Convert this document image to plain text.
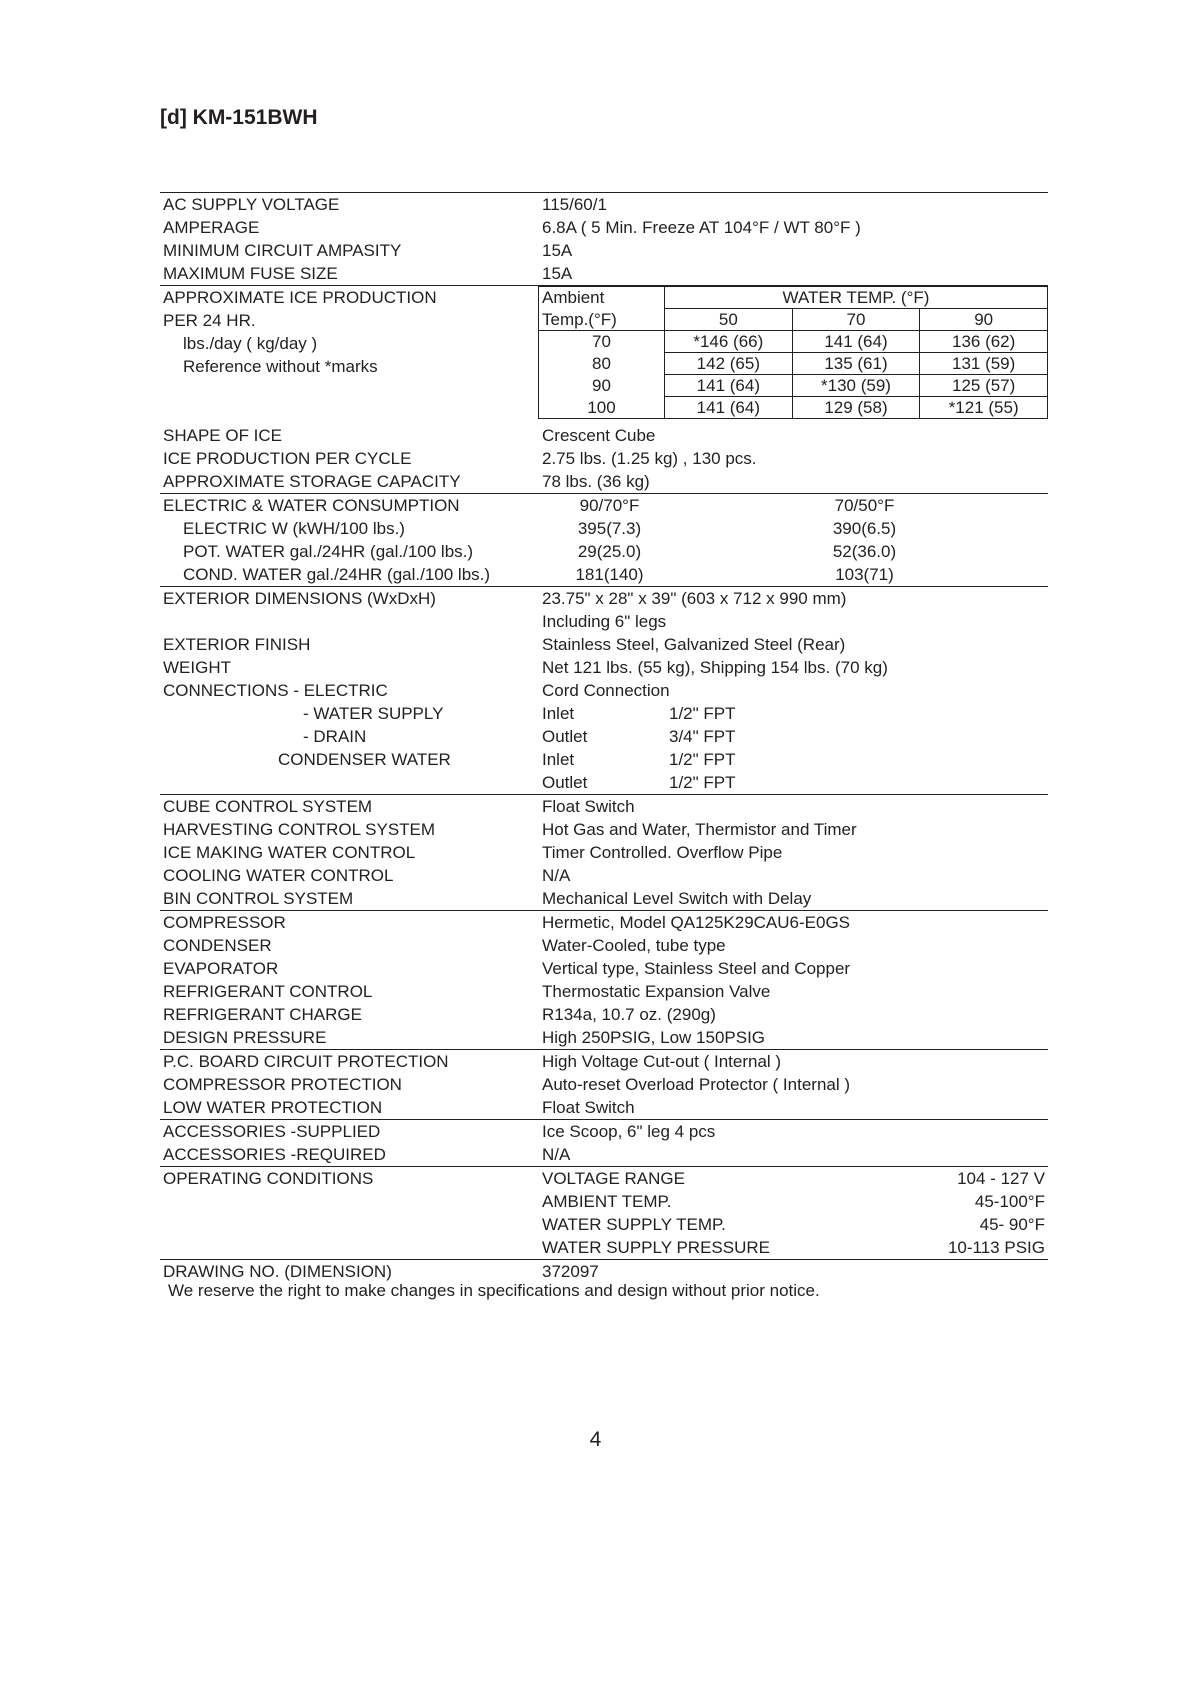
[d] KM-151BWH
AC SUPPLY VOLTAGE	115/60/1
AMPERAGE	6.8A ( 5 Min. Freeze AT 104°F / WT 80°F )
MINIMUM CIRCUIT AMPASITY	15A
MAXIMUM FUSE SIZE	15A
APPROXIMATE ICE PRODUCTION
PER 24 HR.
lbs./day ( kg/day )
Reference without *marks
Ambient	WATER TEMP. (°F)		
Temp.(°F)	50	70	90
70	*146 (66)	141 (64)	136 (62)
80	142 (65)	135 (61)	131 (59)
90	141 (64)	*130 (59)	125 (57)
100	141 (64)	129 (58)	*121 (55)
SHAPE OF ICE	Crescent Cube
ICE PRODUCTION PER CYCLE	2.75 lbs. (1.25 kg) , 130 pcs.
APPROXIMATE STORAGE CAPACITY	78 lbs. (36 kg)
ELECTRIC & WATER CONSUMPTION	90/70°F	70/50°F
ELECTRIC W (kWH/100 lbs.)	395(7.3)	390(6.5)
POT. WATER gal./24HR (gal./100 lbs.)	29(25.0)	52(36.0)
COND. WATER gal./24HR (gal./100 lbs.)	181(140)	103(71)
EXTERIOR DIMENSIONS (WxDxH)	23.75" x 28" x 39" (603 x 712 x 990 mm)
Including 6" legs
EXTERIOR FINISH	Stainless Steel, Galvanized Steel (Rear)
WEIGHT	Net 121 lbs. (55 kg), Shipping 154 lbs. (70 kg)
CONNECTIONS - ELECTRIC	Cord Connection
- WATER SUPPLY	Inlet	1/2" FPT
- DRAIN	Outlet	3/4" FPT
CONDENSER WATER	Inlet	1/2" FPT
Outlet	1/2" FPT
CUBE CONTROL SYSTEM	Float Switch
HARVESTING CONTROL SYSTEM	Hot Gas and Water, Thermistor and Timer
ICE MAKING WATER CONTROL	Timer Controlled. Overflow Pipe
COOLING WATER CONTROL	N/A
BIN CONTROL SYSTEM	Mechanical Level Switch with Delay
COMPRESSOR	Hermetic, Model QA125K29CAU6-E0GS
CONDENSER	Water-Cooled, tube type
EVAPORATOR	Vertical type, Stainless Steel and Copper
REFRIGERANT CONTROL	Thermostatic Expansion Valve
REFRIGERANT CHARGE	R134a, 10.7 oz. (290g)
DESIGN PRESSURE	High 250PSIG, Low 150PSIG
P.C. BOARD CIRCUIT PROTECTION	High Voltage Cut-out ( Internal )
COMPRESSOR PROTECTION	Auto-reset Overload Protector ( Internal )
LOW WATER PROTECTION	Float Switch
ACCESSORIES -SUPPLIED	Ice Scoop, 6" leg 4 pcs
ACCESSORIES -REQUIRED	N/A
OPERATING CONDITIONS	VOLTAGE RANGE	104 - 127 V
AMBIENT TEMP.	45-100°F
WATER SUPPLY TEMP.	45- 90°F
WATER SUPPLY PRESSURE	10-113 PSIG
DRAWING NO. (DIMENSION)	372097
We reserve the right to make changes in specifications and design without prior notice.
4
